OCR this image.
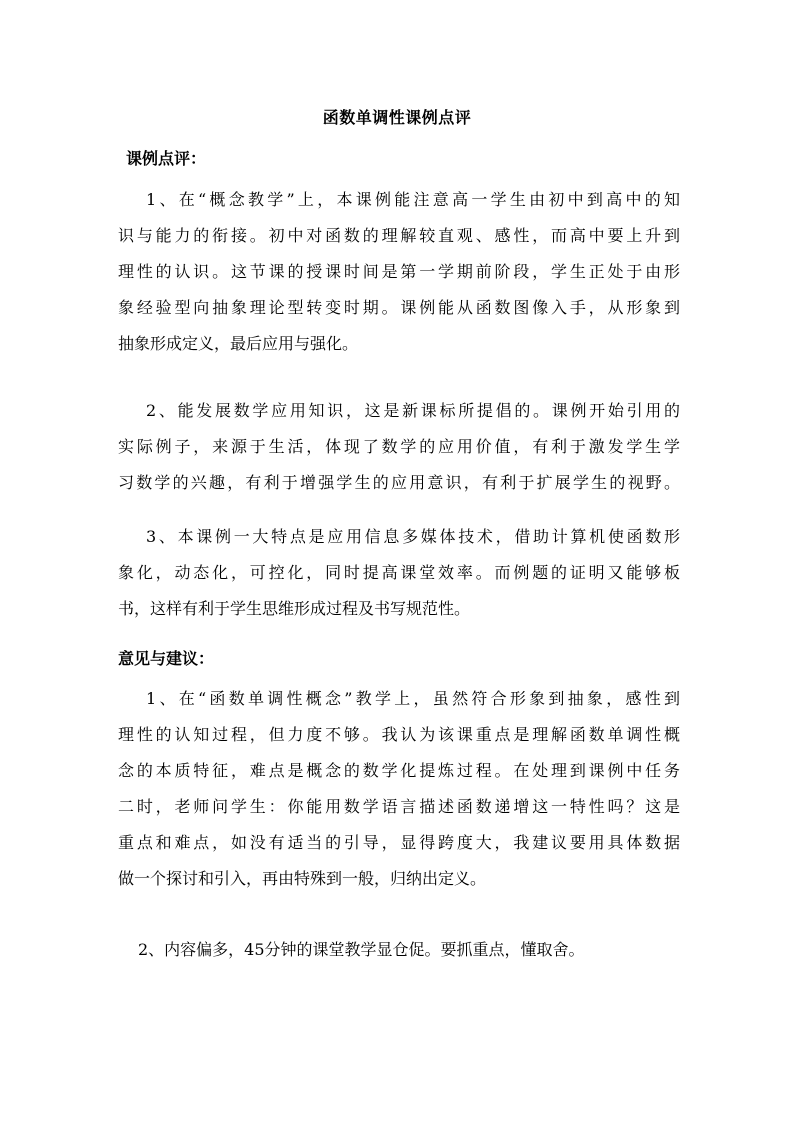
函数单调性课例点评
课例点评：
1、在“概念教学”上，本课例能注意高一学生由初中到高中的知
识与能力的衔接。初中对函数的理解较直观、感性，而高中要上升到
理性的认识。这节课的授课时间是第一学期前阶段，学生正处于由形
象经验型向抽象理论型转变时期。课例能从函数图像入手，从形象到
抽象形成定义，最后应用与强化。
2、能发展数学应用知识，这是新课标所提倡的。课例开始引用的
实际例子，来源于生活，体现了数学的应用价值，有利于激发学生学
习数学的兴趣，有利于增强学生的应用意识，有利于扩展学生的视野。
3、本课例一大特点是应用信息多媒体技术，借助计算机使函数形
象化，动态化，可控化，同时提高课堂效率。而例题的证明又能够板
书，这样有利于学生思维形成过程及书写规范性。
意见与建议：
1、在“函数单调性概念”教学上，虽然符合形象到抽象，感性到
理性的认知过程，但力度不够。我认为该课重点是理解函数单调性概
念的本质特征，难点是概念的数学化提炼过程。在处理到课例中任务
二时，老师问学生：你能用数学语言描述函数递增这一特性吗？这是
重点和难点，如没有适当的引导，显得跨度大，我建议要用具体数据
做一个探讨和引入，再由特殊到一般，归纳出定义。
2、内容偏多，45分钟的课堂教学显仓促。要抓重点，懂取舍。
